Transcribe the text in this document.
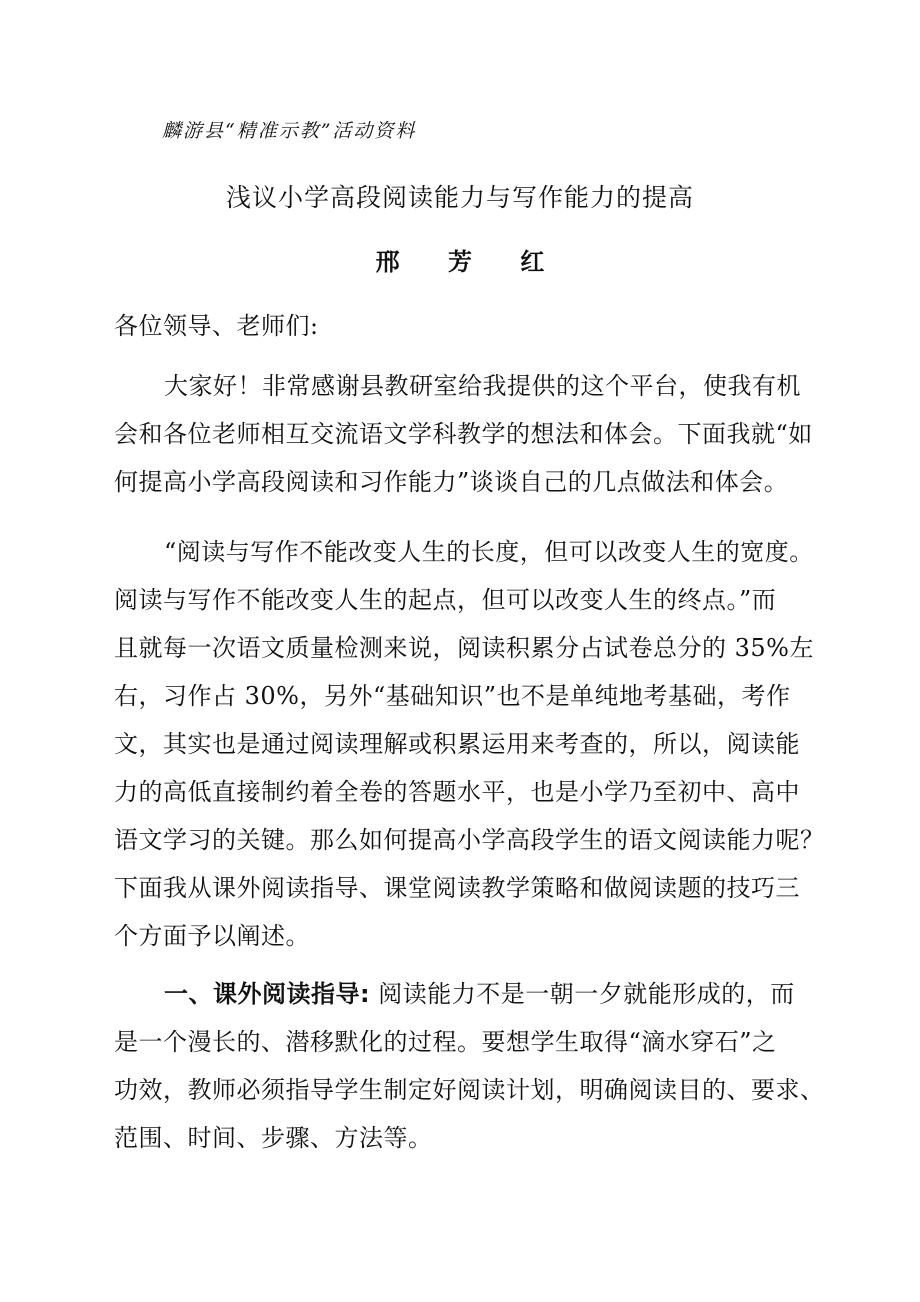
麟游县“精准示教”活动资料
浅议小学高段阅读能力与写作能力的提高
邢 芳 红
各位领导、老师们:
大家好！非常感谢县教研室给我提供的这个平台，使我有机
会和各位老师相互交流语文学科教学的想法和体会。下面我就“如
何提高小学高段阅读和习作能力”谈谈自己的几点做法和体会。
“阅读与写作不能改变人生的长度，但可以改变人生的宽度。
阅读与写作不能改变人生的起点，但可以改变人生的终点。”而
且就每一次语文质量检测来说，阅读积累分占试卷总分的 35%左
右，习作占 30%，另外“基础知识”也不是单纯地考基础，考作
文，其实也是通过阅读理解或积累运用来考查的，所以，阅读能
力的高低直接制约着全卷的答题水平，也是小学乃至初中、高中
语文学习的关键。那么如何提高小学高段学生的语文阅读能力呢？
下面我从课外阅读指导、课堂阅读教学策略和做阅读题的技巧三
个方面予以阐述。
一、课外阅读指导: 阅读能力不是一朝一夕就能形成的，而
是一个漫长的、潜移默化的过程。要想学生取得“滴水穿石”之
功效，教师必须指导学生制定好阅读计划，明确阅读目的、要求、
范围、时间、步骤、方法等。
